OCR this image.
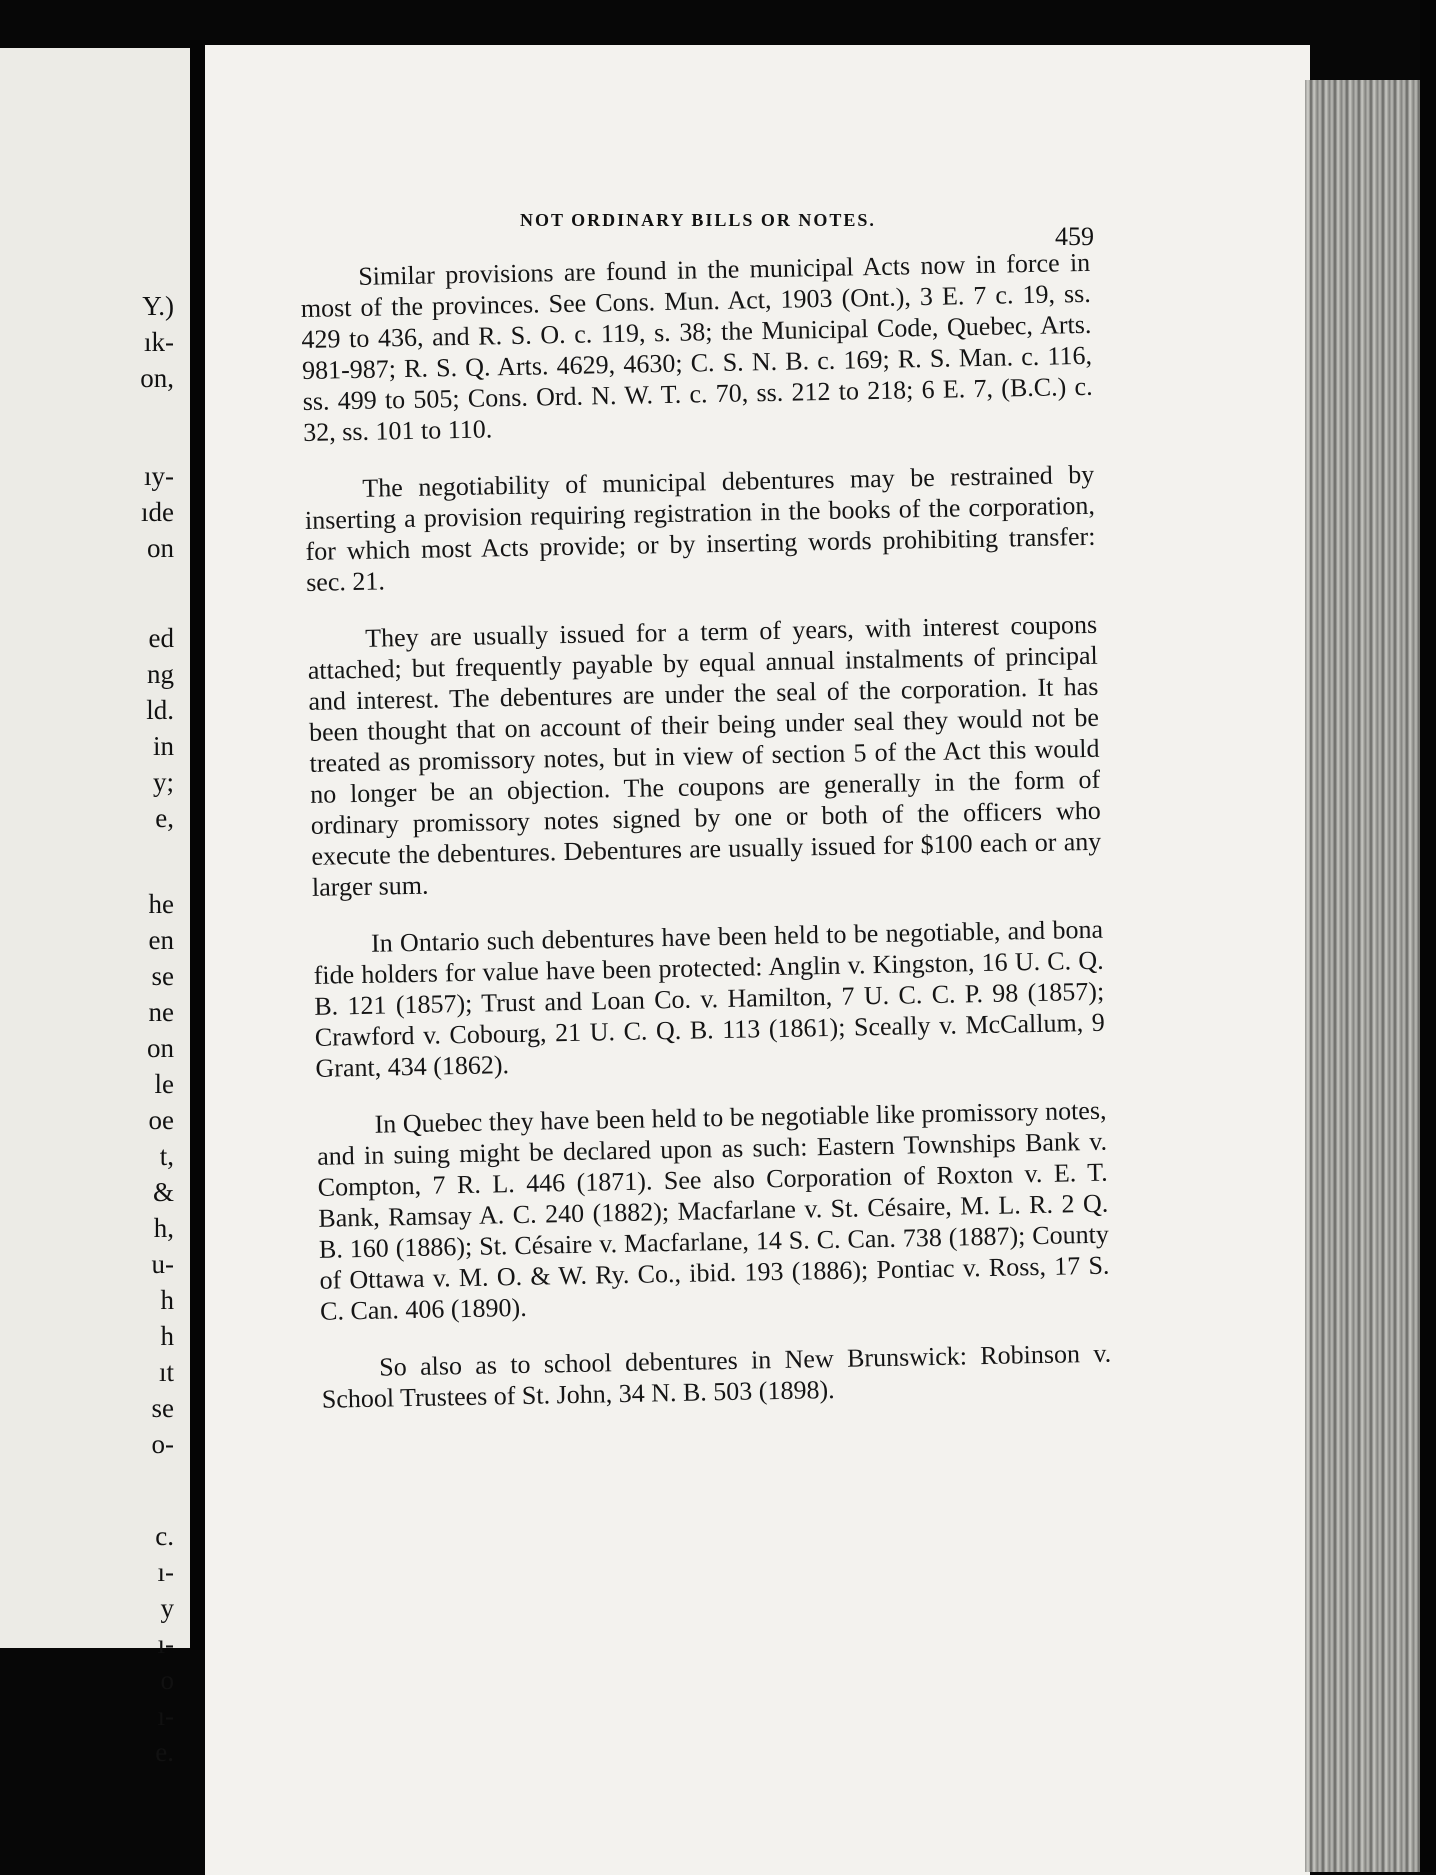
Y.)
ık-
on,
ıy-
ıde
on
ed
ng
ld.
in
y;
e,
he
en
se
ne
on
le
oe
t,
&
h,
u-
h
h
ıt
se
o-
c.
ı-
y
ı-
o
ı-
e.
NOT ORDINARY BILLS OR NOTES.
459

Similar provisions are found in the municipal Acts now in force in most of the provinces. See Cons. Mun. Act, 1903 (Ont.), 3 E. 7 c. 19, ss. 429 to 436, and R. S. O. c. 119, s. 38; the Municipal Code, Quebec, Arts. 981-987; R. S. Q. Arts. 4629, 4630; C. S. N. B. c. 169; R. S. Man. c. 116, ss. 499 to 505; Cons. Ord. N. W. T. c. 70, ss. 212 to 218; 6 E. 7, (B.C.) c. 32, ss. 101 to 110.

The negotiability of municipal debentures may be restrained by inserting a provision requiring registration in the books of the corporation, for which most Acts provide; or by inserting words prohibiting transfer: sec. 21.

They are usually issued for a term of years, with interest coupons attached; but frequently payable by equal annual instalments of principal and interest. The debentures are under the seal of the corporation. It has been thought that on account of their being under seal they would not be treated as promissory notes, but in view of section 5 of the Act this would no longer be an objection. The coupons are generally in the form of ordinary promissory notes signed by one or both of the officers who execute the debentures. Debentures are usually issued for $100 each or any larger sum.

In Ontario such debentures have been held to be negotiable, and bona fide holders for value have been protected: Anglin v. Kingston, 16 U. C. Q. B. 121 (1857); Trust and Loan Co. v. Hamilton, 7 U. C. C. P. 98 (1857); Crawford v. Cobourg, 21 U. C. Q. B. 113 (1861); Sceally v. McCallum, 9 Grant, 434 (1862).

In Quebec they have been held to be negotiable like promissory notes, and in suing might be declared upon as such: Eastern Townships Bank v. Compton, 7 R. L. 446 (1871). See also Corporation of Roxton v. E. T. Bank, Ramsay A. C. 240 (1882); Macfarlane v. St. Césaire, M. L. R. 2 Q. B. 160 (1886); St. Césaire v. Macfarlane, 14 S. C. Can. 738 (1887); County of Ottawa v. M. O. & W. Ry. Co., ibid. 193 (1886); Pontiac v. Ross, 17 S. C. Can. 406 (1890).

So also as to school debentures in New Brunswick: Robinson v. School Trustees of St. John, 34 N. B. 503 (1898).
